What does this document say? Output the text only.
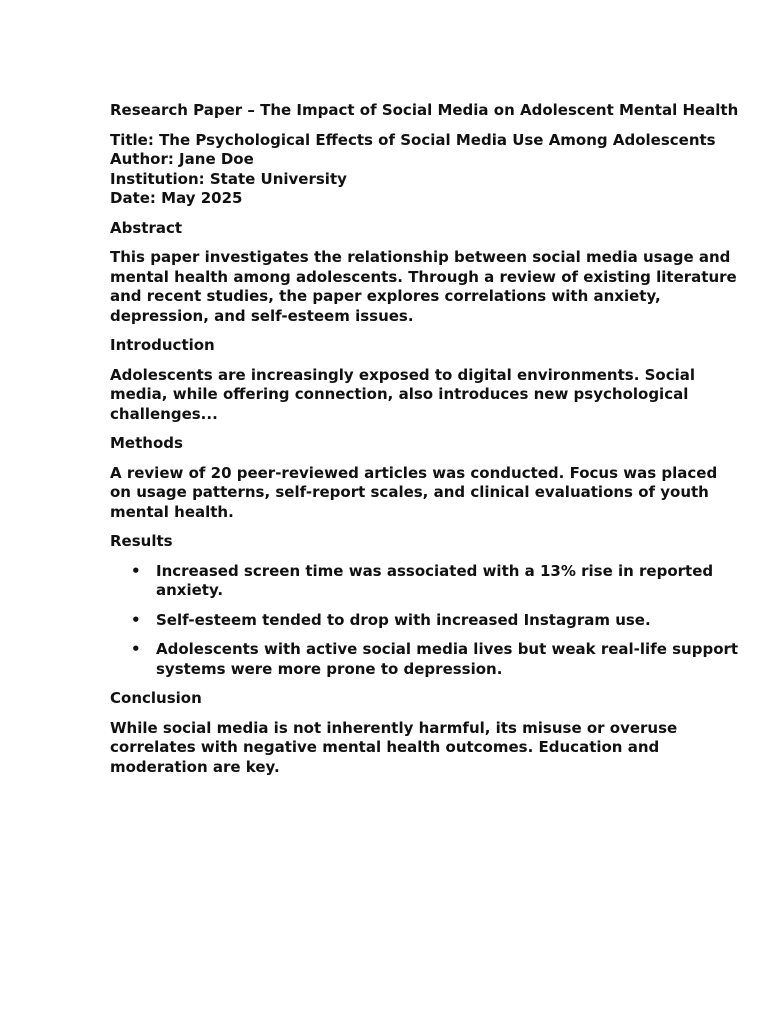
Research Paper – The Impact of Social Media on Adolescent Mental Health
Title: The Psychological Effects of Social Media Use Among Adolescents
Author: Jane Doe
Institution: State University
Date: May 2025
Abstract
This paper investigates the relationship between social media usage and mental health among adolescents. Through a review of existing literature and recent studies, the paper explores correlations with anxiety, depression, and self-esteem issues.
Introduction
Adolescents are increasingly exposed to digital environments. Social media, while offering connection, also introduces new psychological challenges...
Methods
A review of 20 peer-reviewed articles was conducted. Focus was placed on usage patterns, self-report scales, and clinical evaluations of youth mental health.
Results
• Increased screen time was associated with a 13% rise in reported anxiety.
• Self-esteem tended to drop with increased Instagram use.
• Adolescents with active social media lives but weak real-life support systems were more prone to depression.
Conclusion
While social media is not inherently harmful, its misuse or overuse correlates with negative mental health outcomes. Education and moderation are key.
